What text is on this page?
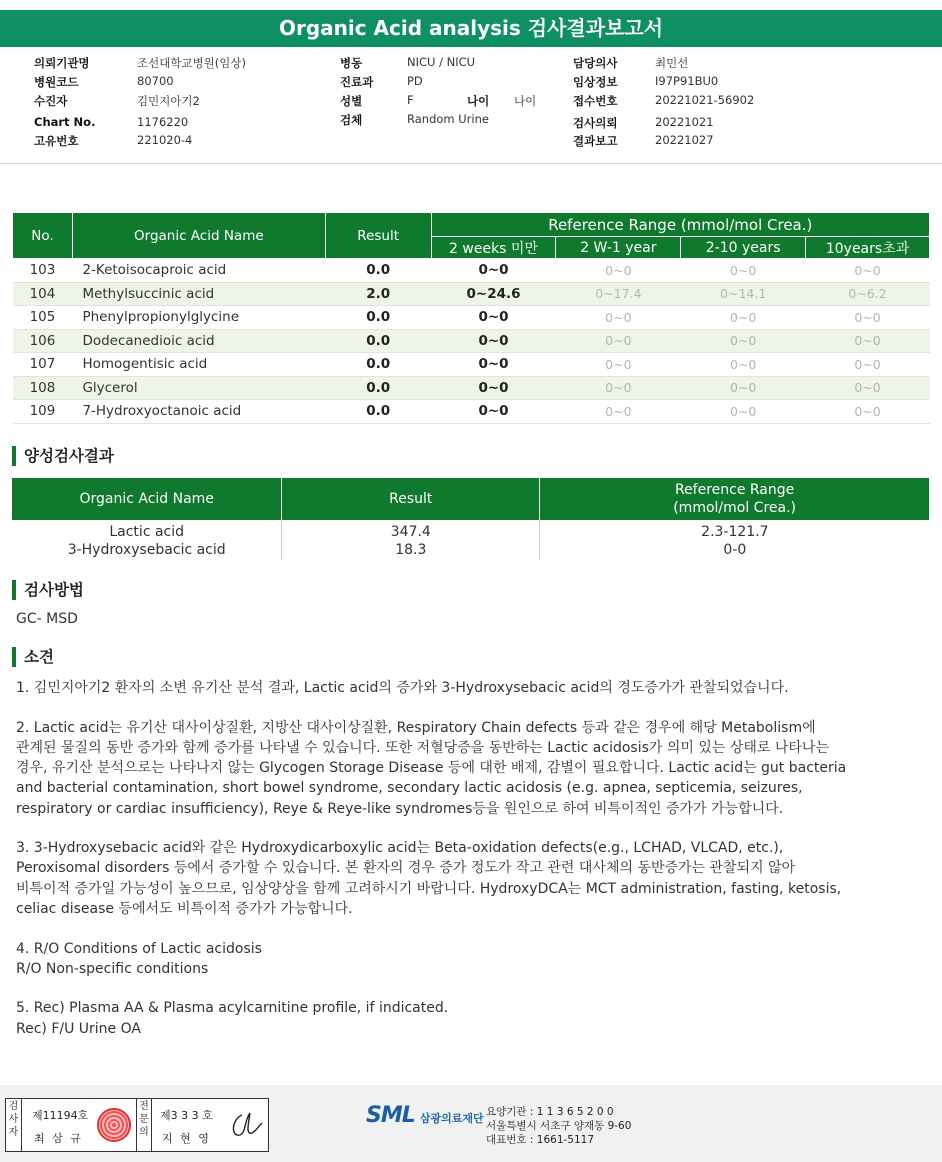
Organic Acid analysis 검사결과보고서
의뢰기관명	조선대학교병원(임상)
병원코드	80700
수진자	김민지아기2
Chart No.	1176220
고유번호	221020-4
병동	NICU / NICU
진료과	PD
성별	F	나이 나이
검체	Random Urine
담당의사	최민선
임상정보	I97P91BU0
접수번호	20221021-56902
검사의뢰	20221021
결과보고	20221027
No.	Organic Acid Name	Result	Reference Range (mmol/mol Crea.)			
			2 weeks 미만	2 W-1 year	2-10 years	10years초과
103	2-Ketoisocaproic acid	0.0	0~0	0~0	0~0	0~0
104	Methylsuccinic acid	2.0	0~24.6	0~17.4	0~14.1	0~6.2
105	Phenylpropionylglycine	0.0	0~0	0~0	0~0	0~0
106	Dodecanedioic acid	0.0	0~0	0~0	0~0	0~0
107	Homogentisic acid	0.0	0~0	0~0	0~0	0~0
108	Glycerol	0.0	0~0	0~0	0~0	0~0
109	7-Hydroxyoctanoic acid	0.0	0~0	0~0	0~0	0~0
양성검사결과
Organic Acid Name	Result	Reference Range
(mmol/mol Crea.)
Lactic acid	347.4	2.3-121.7
3-Hydroxysebacic acid	18.3	0-0
검사방법
GC- MSD
소견

1. 김민지아기2 환자의 소변 유기산 분석 결과, Lactic acid의 증가와 3-Hydroxysebacic acid의 경도증가가 관찰되었습니다.

2. Lactic acid는 유기산 대사이상질환, 지방산 대사이상질환, Respiratory Chain defects 등과 같은 경우에 해당 Metabolism에
관계된 물질의 동반 증가와 함께 증가를 나타낼 수 있습니다. 또한 저혈당증을 동반하는 Lactic acidosis가 의미 있는 상태로 나타나는
경우, 유기산 분석으로는 나타나지 않는 Glycogen Storage Disease 등에 대한 배제, 감별이 필요합니다. Lactic acid는 gut bacteria
and bacterial contamination, short bowel syndrome, secondary lactic acidosis (e.g. apnea, septicemia, seizures,
respiratory or cardiac insufficiency), Reye & Reye-like syndromes등을 원인으로 하여 비특이적인 증가가 가능합니다.

3. 3-Hydroxysebacic acid와 같은 Hydroxydicarboxylic acid는 Beta-oxidation defects(e.g., LCHAD, VLCAD, etc.),
Peroxisomal disorders 등에서 증가할 수 있습니다. 본 환자의 경우 증가 정도가 작고 관련 대사체의 동반증가는 관찰되지 않아
비특이적 증가일 가능성이 높으므로, 임상양상을 함께 고려하시기 바랍니다. HydroxyDCA는 MCT administration, fasting, ketosis,
celiac disease 등에서도 비특이적 증가가 가능합니다.

4. R/O Conditions of Lactic acidosis
R/O Non-specific conditions

5. Rec) Plasma AA & Plasma acylcarnitine profile, if indicated.
Rec) F/U Urine OA

검
사
자
제11194호
최 삼 규
전
문
의
제3 3 3 호
지 현 영
SML 삼광의료재단 요양기관 : 1 1 3 6 5 2 0 0
서울특별시 서초구 양재동 9-60
대표번호 : 1661-5117
